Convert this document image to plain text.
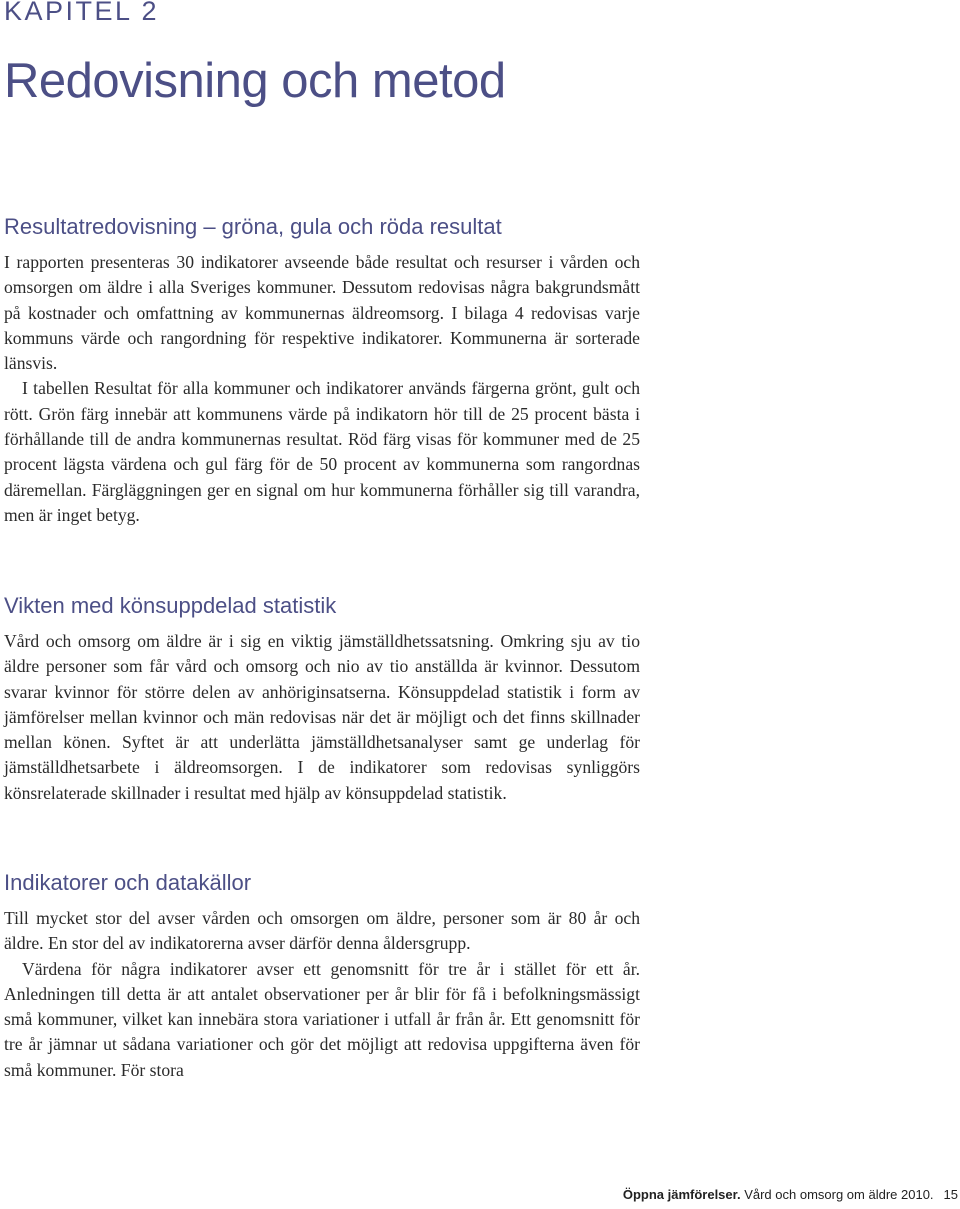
KAPITEL 2
Redovisning och metod
Resultatredovisning – gröna, gula och röda resultat

I rapporten presenteras 30 indikatorer avseende både resultat och resurser i vården och omsorgen om äldre i alla Sveriges kommuner. Dessutom redovisas några bakgrundsmått på kostnader och omfattning av kommunernas äldreomsorg. I bilaga 4 redovisas varje kommuns värde och rangordning för respektive indikatorer. Kommunerna är sorterade länsvis.

I tabellen Resultat för alla kommuner och indikatorer används färgerna grönt, gult och rött. Grön färg innebär att kommunens värde på indikatorn hör till de 25 procent bästa i förhållande till de andra kommunernas resultat. Röd färg visas för kommuner med de 25 procent lägsta värdena och gul färg för de 50 procent av kommunerna som rangordnas däremellan. Färgläggningen ger en signal om hur kommunerna förhåller sig till varandra, men är inget betyg.

Vikten med könsuppdelad statistik

Vård och omsorg om äldre är i sig en viktig jämställdhetssatsning. Omkring sju av tio äldre personer som får vård och omsorg och nio av tio anställda är kvinnor. Dessutom svarar kvinnor för större delen av anhöriginsatserna. Könsuppdelad statistik i form av jämförelser mellan kvinnor och män redovisas när det är möjligt och det finns skillnader mellan könen. Syftet är att underlätta jämställdhetsanalyser samt ge underlag för jämställdhetsarbete i äldreomsorgen. I de indikatorer som redovisas synliggörs könsrelaterade skillnader i resultat med hjälp av könsuppdelad statistik.

Indikatorer och datakällor

Till mycket stor del avser vården och omsorgen om äldre, personer som är 80 år och äldre. En stor del av indikatorerna avser därför denna åldersgrupp.

Värdena för några indikatorer avser ett genomsnitt för tre år i stället för ett år. Anledningen till detta är att antalet observationer per år blir för få i befolkningsmässigt små kommuner, vilket kan innebära stora variationer i utfall år från år. Ett genomsnitt för tre år jämnar ut sådana variationer och gör det möjligt att redovisa uppgifterna även för små kommuner. För stora

Öppna jämförelser. Vård och omsorg om äldre 2010. 15
